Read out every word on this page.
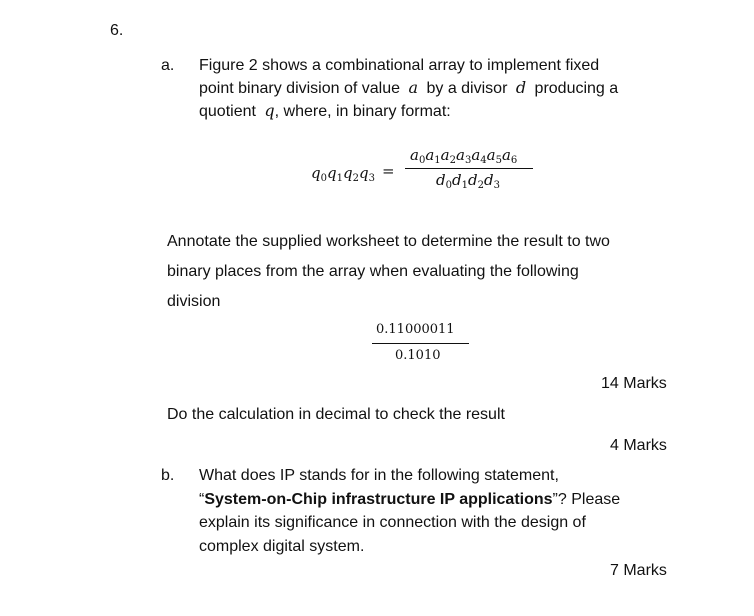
6.
a. Figure 2 shows a combinational array to implement fixed
point binary division of value a by a divisor d producing a
quotient q, where, in binary format:
$q_0q_1q_2q_3$ =
$a_0a_1a_2a_3a_4a_5a_6$
$d_0d_1d_2d_3$
Annotate the supplied worksheet to determine the result to two
binary places from the array when evaluating the following
division
0.11000011
0.1010
14 Marks
Do the calculation in decimal to check the result
4 Marks
b. What does IP stands for in the following statement,
“System-on-Chip infrastructure IP applications”? Please
explain its significance in connection with the design of
complex digital system.
7 Marks
